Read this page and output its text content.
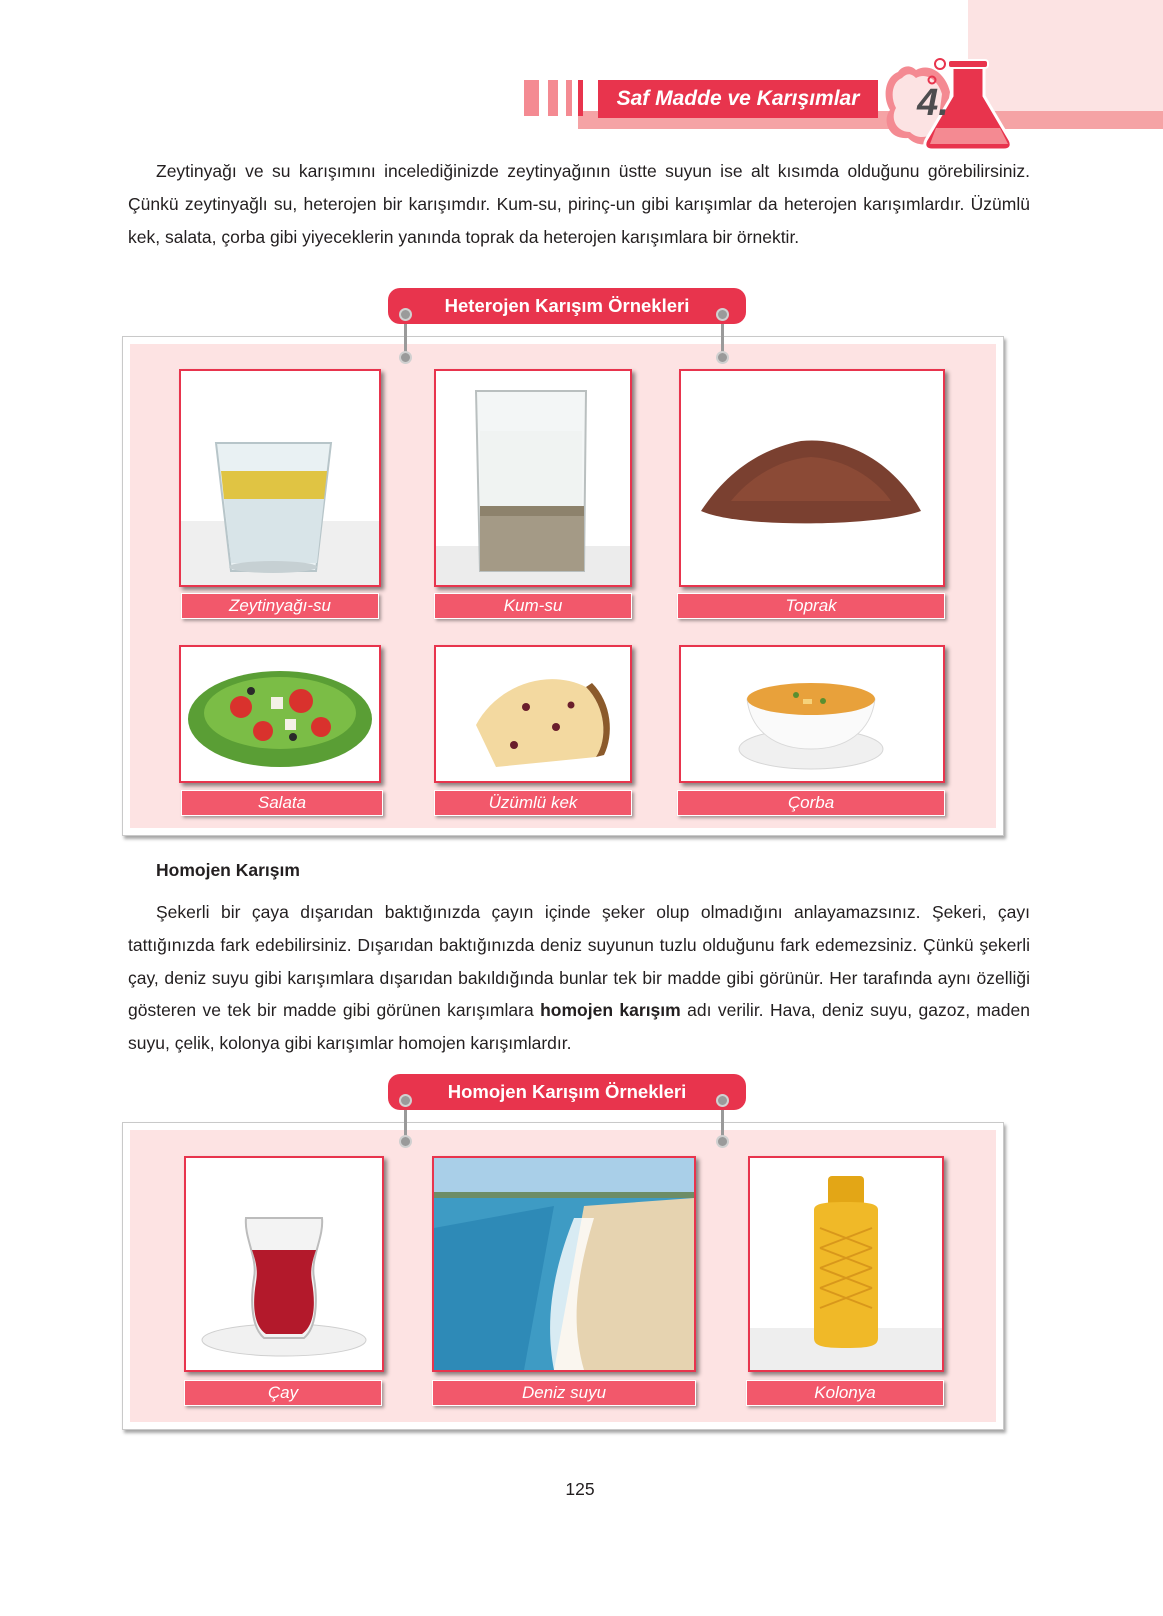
Saf Madde ve Karışımlar	4.

Zeytinyağı ve su karışımını incelediğinizde zeytinyağının üstte suyun ise alt kısımda olduğunu görebilirsiniz. Çünkü zeytinyağlı su, heterojen bir karışımdır. Kum-su, pirinç-un gibi karışımlar da heterojen karışımlardır. Üzümlü kek, salata, çorba gibi yiyeceklerin yanında toprak da heterojen karışımlara bir örnektir.

Heterojen Karışım Örnekleri
Zeytinyağı-su	Kum-su	Toprak
Salata	Üzümlü kek	Çorba
Homojen Karışım

Şekerli bir çaya dışarıdan baktığınızda çayın içinde şeker olup olmadığını anlayamazsınız. Şekeri, çayı tattığınızda fark edebilirsiniz. Dışarıdan baktığınızda deniz suyunun tuzlu olduğunu fark edemezsiniz. Çünkü şekerli çay, deniz suyu gibi karışımlara dışarıdan bakıldığında bunlar tek bir madde gibi görünür. Her tarafında aynı özelliği gösteren ve tek bir madde gibi görünen karışımlara homojen karışım adı verilir. Hava, deniz suyu, gazoz, maden suyu, çelik, kolonya gibi karışımlar homojen karışımlardır.

Homojen Karışım Örnekleri
Çay	Deniz suyu	Kolonya
125
